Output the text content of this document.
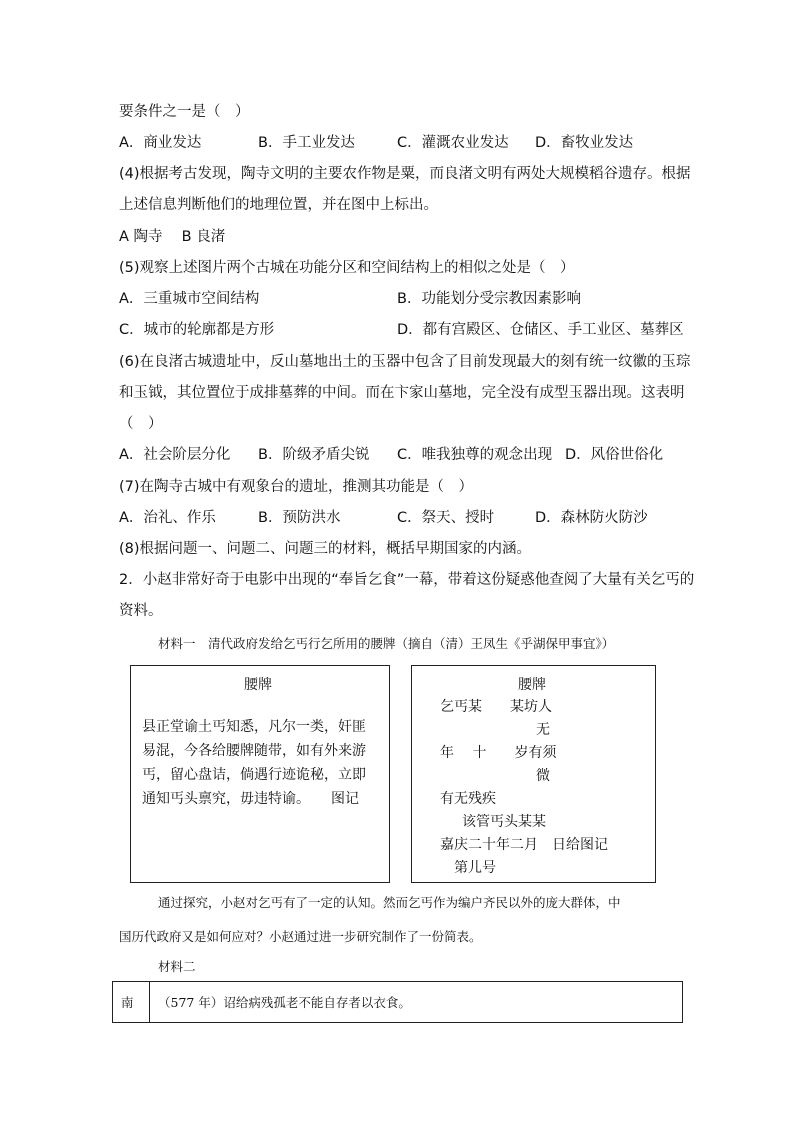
要条件之一是（　）
A．商业发达	B．手工业发达	C．灌溉农业发达 D．畜牧业发达
(4)根据考古发现，陶寺文明的主要农作物是粟，而良渚文明有两处大规模稻谷遗存。根据
上述信息判断他们的地理位置，并在图中上标出。
A 陶寺　 B 良渚
(5)观察上述图片两个古城在功能分区和空间结构上的相似之处是（　）
A．三重城市空间结构	B．功能划分受宗教因素影响
C．城市的轮廓都是方形	D．都有宫殿区、仓储区、手工业区、墓葬区
(6)在良渚古城遗址中，反山墓地出土的玉器中包含了目前发现最大的刻有统一纹徽的玉琮
和玉钺，其位置位于成排墓葬的中间。而在卞家山墓地，完全没有成型玉器出现。这表明
（　）
A．社会阶层分化 B．阶级矛盾尖锐 C．唯我独尊的观念出现 D．风俗世俗化
(7)在陶寺古城中有观象台的遗址，推测其功能是（　）
A．治礼、作乐	B．预防洪水	C．祭天、授时	D．森林防火防沙
(8)根据问题一、问题二、问题三的材料，概括早期国家的内涵。
2．小赵非常好奇于电影中出现的“奉旨乞食”一幕，带着这份疑惑他查阅了大量有关乞丐的
资料。
材料一　清代政府发给乞丐行乞所用的腰牌（摘自（清）王凤生《乎湖保甲事宜》）
腰牌
县正堂谕土丐知悉，凡尔一类，奸匪
易混，今各给腰牌随带，如有外来游
丐，留心盘诘，倘遇行迹诡秘，立即
通知丐头禀究，毋违特谕。　　图记
腰牌
乞丐某　　某坊人
无
年　 十　　岁有须
微
有无残疾
该管丐头某某
嘉庆二十年二月　日给图记
第儿号
通过探究，小赵对乞丐有了一定的认知。然而乞丐作为编户齐民以外的庞大群体，中
国历代政府又是如何应对？小赵通过进一步研究制作了一份简表。
材料二
南	（577 年）诏给病残孤老不能自存者以衣食。
